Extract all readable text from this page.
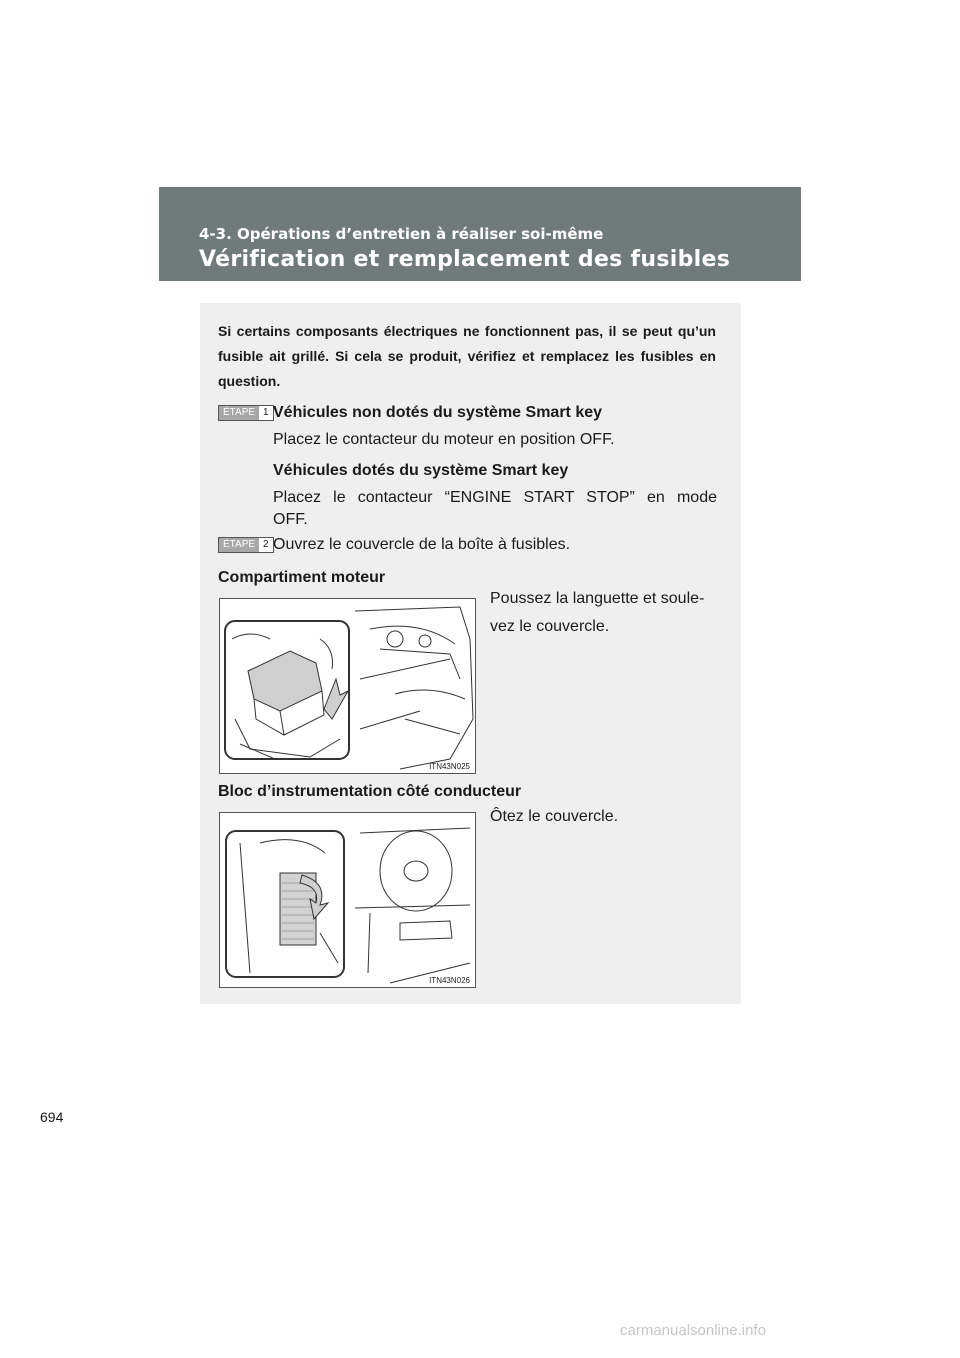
4-3. Opérations d’entretien à réaliser soi-même
Vérification et remplacement des fusibles
Si certains composants électriques ne fonctionnent pas, il se peut qu’un fusible ait grillé. Si cela se produit, vérifiez et remplacez les fusibles en question.
ÉTAPE 1 Véhicules non dotés du système Smart key
Placez le contacteur du moteur en position OFF.
Véhicules dotés du système Smart key
Placez le contacteur “ENGINE START STOP” en mode
OFF.
ÉTAPE 2 Ouvrez le couvercle de la boîte à fusibles.
Compartiment moteur
Poussez la languette et soule-
vez le couvercle.
ITN43N025
Bloc d’instrumentation côté conducteur
Ôtez le couvercle.
ITN43N026
694
carmanualsonline.info
